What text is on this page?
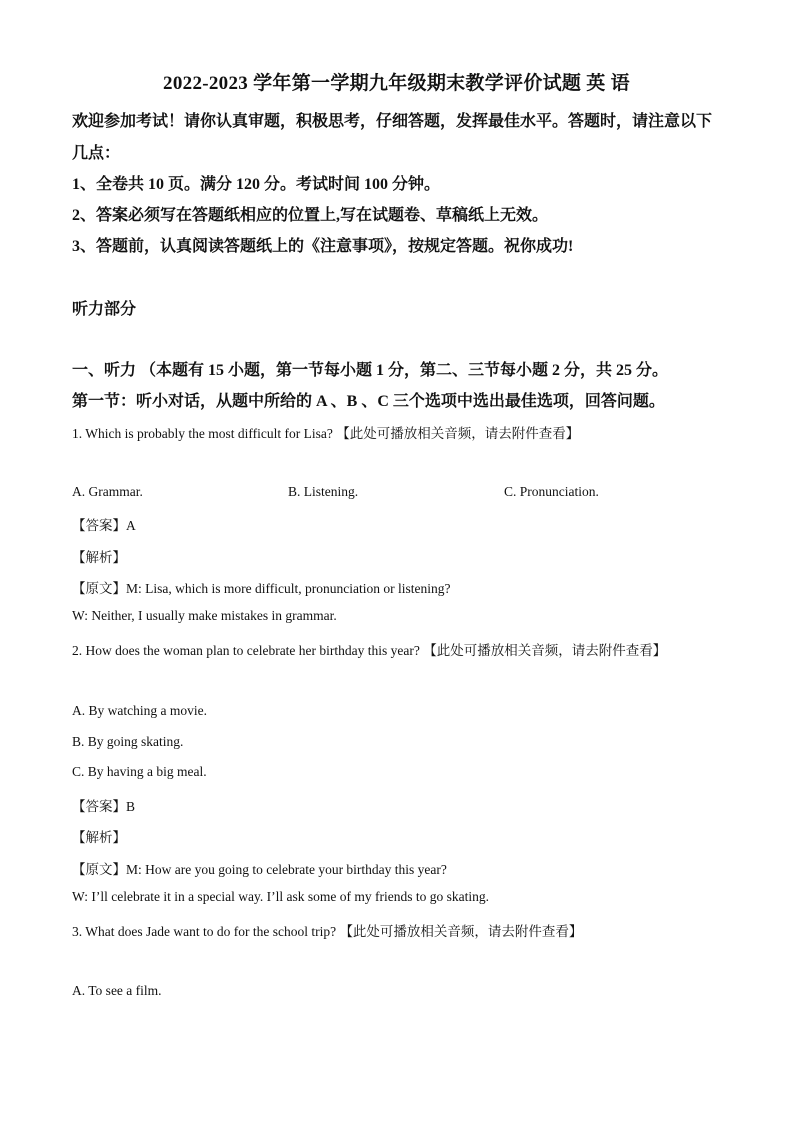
2022-2023 学年第一学期九年级期末教学评价试题 英 语
欢迎参加考试！请你认真审题，积极思考，仔细答题，发挥最佳水平。答题时，请注意以下
几点：
1、全卷共 10 页。满分 120 分。考试时间 100 分钟。
2、答案必须写在答题纸相应的位置上,写在试题卷、草稿纸上无效。
3、答题前，认真阅读答题纸上的《注意事项》，按规定答题。祝你成功!
听力部分
一、听力 （本题有 15 小题，第一节每小题 1 分，第二、三节每小题 2 分，共 25 分。
第一节：听小对话，从题中所给的 A 、B 、C 三个选项中选出最佳选项，回答问题。
1. Which is probably the most difficult for Lisa? 【此处可播放相关音频，请去附件查看】
A. Grammar.	B. Listening.	C. Pronunciation.
【答案】A
【解析】
【原文】M: Lisa, which is more difficult, pronunciation or listening?
W: Neither, I usually make mistakes in grammar.
2. How does the woman plan to celebrate her birthday this year? 【此处可播放相关音频，请去附件查看】
A. By watching a movie.
B. By going skating.
C. By having a big meal.
【答案】B
【解析】
【原文】M: How are you going to celebrate your birthday this year?
W: I’ll celebrate it in a special way. I’ll ask some of my friends to go skating.
3. What does Jade want to do for the school trip? 【此处可播放相关音频，请去附件查看】
A. To see a film.
